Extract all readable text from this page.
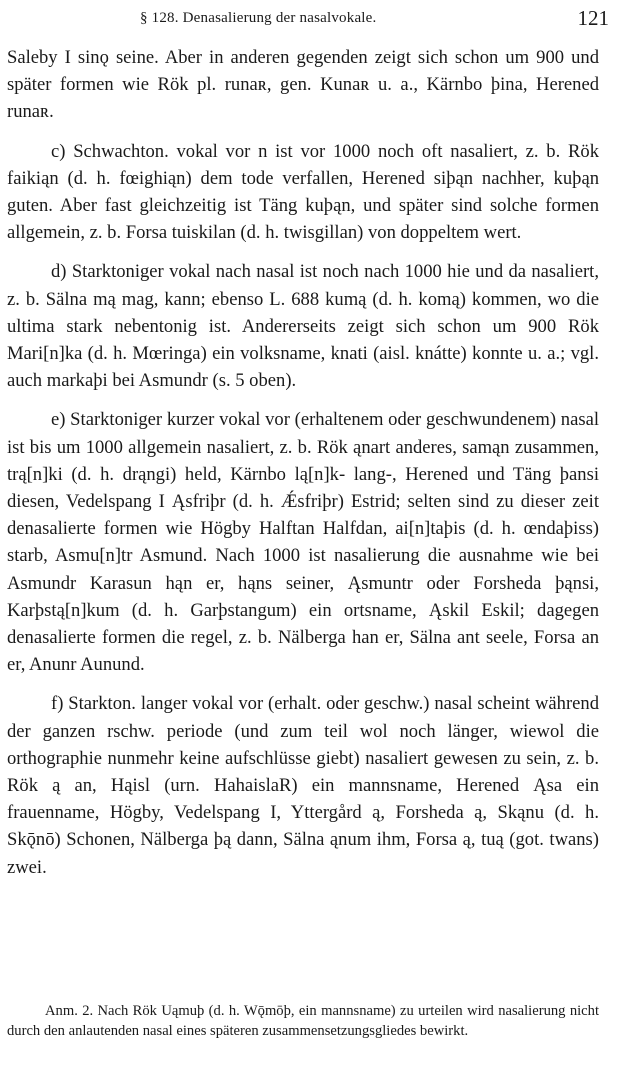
§ 128. Denasalierung der nasalvokale.	121

Saleby I sinǫ seine. Aber in anderen gegenden zeigt sich schon um 900 und später formen wie Rök pl. runaʀ, gen. Kunaʀ u. a., Kärnbo þina, Herened runaʀ.

c) Schwachton. vokal vor n ist vor 1000 noch oft nasaliert, z. b. Rök faikiąn (d. h. fœighiąn) dem tode verfallen, Herened siþąn nachher, kuþąn guten. Aber fast gleichzeitig ist Täng kuþąn, und später sind solche formen allgemein, z. b. Forsa tuiskilan (d. h. twisgillan) von doppeltem wert.

d) Starktoniger vokal nach nasal ist noch nach 1000 hie und da nasaliert, z. b. Sälna mą mag, kann; ebenso L. 688 kumą (d. h. komą) kommen, wo die ultima stark nebentonig ist. Andererseits zeigt sich schon um 900 Rök Mari[n]ka (d. h. Mœringa) ein volksname, knati (aisl. knátte) konnte u. a.; vgl. auch markaþi bei Asmundr (s. 5 oben).

e) Starktoniger kurzer vokal vor (erhaltenem oder geschwundenem) nasal ist bis um 1000 allgemein nasaliert, z. b. Rök ąnart anderes, samąn zusammen, trą[n]ki (d. h. drąngi) held, Kärnbo lą[n]k- lang-, Herened und Täng þansi diesen, Vedelspang I Ąsfriþr (d. h. Ǽsfriþr) Estrid; selten sind zu dieser zeit denasalierte formen wie Högby Halftan Halfdan, ai[n]taþis (d. h. œndaþiss) starb, Asmu[n]tr Asmund. Nach 1000 ist nasalierung die ausnahme wie bei Asmundr Karasun hąn er, hąns seiner, Ąsmuntr oder Forsheda þąnsi, Karþstą[n]kum (d. h. Garþstangum) ein ortsname, Ąskil Eskil; dagegen denasalierte formen die regel, z. b. Nälberga han er, Sälna ant seele, Forsa an er, Anunr Aunund.

f) Starkton. langer vokal vor (erhalt. oder geschw.) nasal scheint während der ganzen rschw. periode (und zum teil wol noch länger, wiewol die orthographie nunmehr keine aufschlüsse giebt) nasaliert gewesen zu sein, z. b. Rök ą an, Hąisl (urn. HahaislaR) ein mannsname, Herened Ąsa ein frauenname, Högby, Vedelspang I, Yttergård ą, Forsheda ą, Skąnu (d. h. Skǭnō) Schonen, Nälberga þą dann, Sälna ąnum ihm, Forsa ą, tuą (got. twans) zwei.

Anm. 2. Nach Rök Uąmuþ (d. h. Wǭmōþ, ein mannsname) zu urteilen wird nasalierung nicht durch den anlautenden nasal eines späteren zusammensetzungsgliedes bewirkt.
